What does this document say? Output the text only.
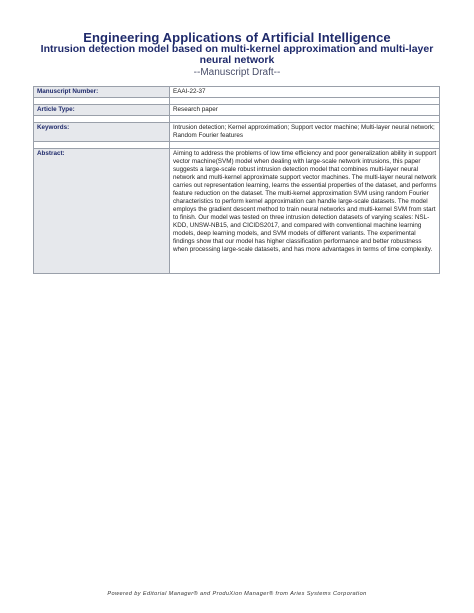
Engineering Applications of Artificial Intelligence
Intrusion detection model based on multi-kernel approximation and multi-layer neural network
--Manuscript Draft--
Manuscript Number:	EAAI-22-37

Article Type:	Research paper

Keywords:	Intrusion detection; Kernel approximation; Support vector machine; Multi-layer neural network; Random Fourier features

Abstract:	Aiming to address the problems of low time efficiency and poor generalization ability in support vector machine(SVM) model when dealing with large-scale network intrusions, this paper suggests a large-scale robust intrusion detection model that combines multi-layer neural network and multi-kernel approximate support vector machines. The multi-layer neural network carries out representation learning, learns the essential properties of the dataset, and performs feature reduction on the dataset. The multi-kernel approximation SVM using random Fourier characteristics to perform kernel approximation can handle large-scale datasets. The model employs the gradient descent method to train neural networks and multi-kernel SVM from start to finish. Our model was tested on three intrusion detection datasets of varying scales: NSL-KDD, UNSW-NB15, and CICIDS2017, and compared with conventional machine learning models, deep learning models, and SVM models of different variants. The experimental findings show that our model has higher classification performance and better robustness when processing large-scale datasets, and has more advantages in terms of time complexity.
Powered by Editorial Manager® and ProduXion Manager® from Aries Systems Corporation
